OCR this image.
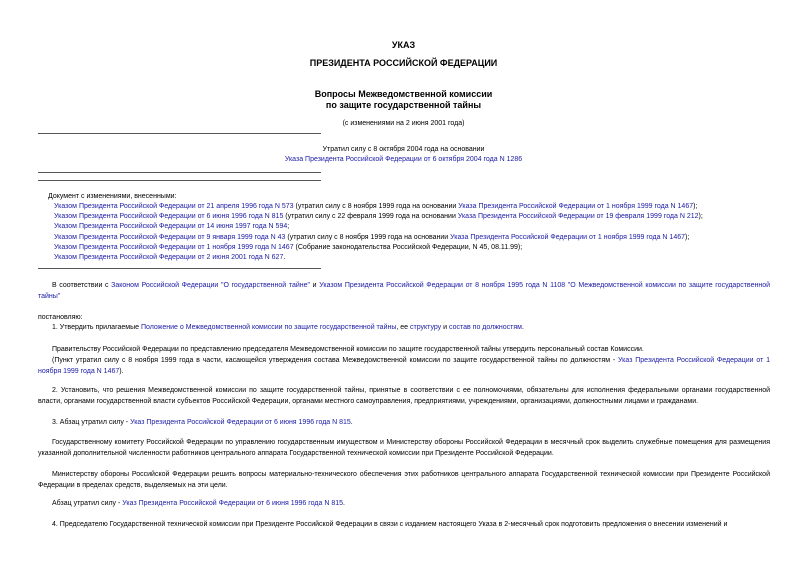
УКАЗ
ПРЕЗИДЕНТА РОССИЙСКОЙ ФЕДЕРАЦИИ
Вопросы Межведомственной комиссии
по защите государственной тайны
(с изменениями на 2 июня 2001 года)
Утратил силу с 8 октября 2004 года на основании
Указа Президента Российской Федерации от 6 октября 2004 года N 1286
Документ с изменениями, внесенными:
Указом Президента Российской Федерации от 21 апреля 1996 года N 573 (утратил силу с 8 ноября 1999 года на основании Указа Президента Российской Федерации от 1 ноября 1999 года N 1467);
Указом Президента Российской Федерации от 6 июня 1996 года N 815 (утратил силу с 22 февраля 1999 года на основании Указа Президента Российской Федерации от 19 февраля 1999 года N 212);
Указом Президента Российской Федерации от 14 июня 1997 года N 594;
Указом Президента Российской Федерации от 9 января 1999 года N 43 (утратил силу с 8 ноября 1999 года на основании Указа Президента Российской Федерации от 1 ноября 1999 года N 1467);
Указом Президента Российской Федерации от 1 ноября 1999 года N 1467 (Собрание законодательства Российской Федерации, N 45, 08.11.99);
Указом Президента Российской Федерации от 2 июня 2001 года N 627.
В соответствии с Законом Российской Федерации "О государственной тайне" и Указом Президента Российской Федерации от 8 ноября 1995 года N 1108 "О Межведомственной комиссии по защите государственной тайны"
постановляю:
1. Утвердить прилагаемые Положение о Межведомственной комиссии по защите государственной тайны, ее структуру и состав по должностям.
Правительству Российской Федерации по представлению председателя Межведомственной комиссии по защите государственной тайны утвердить персональный состав Комиссии.
(Пункт утратил силу с 8 ноября 1999 года в части, касающейся утверждения состава Межведомственной комиссии по защите государственной тайны по должностям - Указ Президента Российской Федерации от 1 ноября 1999 года N 1467).
2. Установить, что решения Межведомственной комиссии по защите государственной тайны, принятые в соответствии с ее полномочиями, обязательны для исполнения федеральными органами государственной власти, органами государственной власти субъектов Российской Федерации, органами местного самоуправления, предприятиями, учреждениями, организациями, должностными лицами и гражданами.
3. Абзац утратил силу - Указ Президента Российской Федерации от 6 июня 1996 года N 815.
Государственному комитету Российской Федерации по управлению государственным имуществом и Министерству обороны Российской Федерации в месячный срок выделить служебные помещения для размещения указанной дополнительной численности работников центрального аппарата Государственной технической комиссии при Президенте Российской Федерации.
Министерству обороны Российской Федерации решить вопросы материально-технического обеспечения этих работников центрального аппарата Государственной технической комиссии при Президенте Российской Федерации в пределах средств, выделяемых на эти цели.
Абзац утратил силу - Указ Президента Российской Федерации от 6 июня 1996 года N 815.
4. Председателю Государственной технической комиссии при Президенте Российской Федерации в связи с изданием настоящего Указа в 2-месячный срок подготовить предложения о внесении изменений и
